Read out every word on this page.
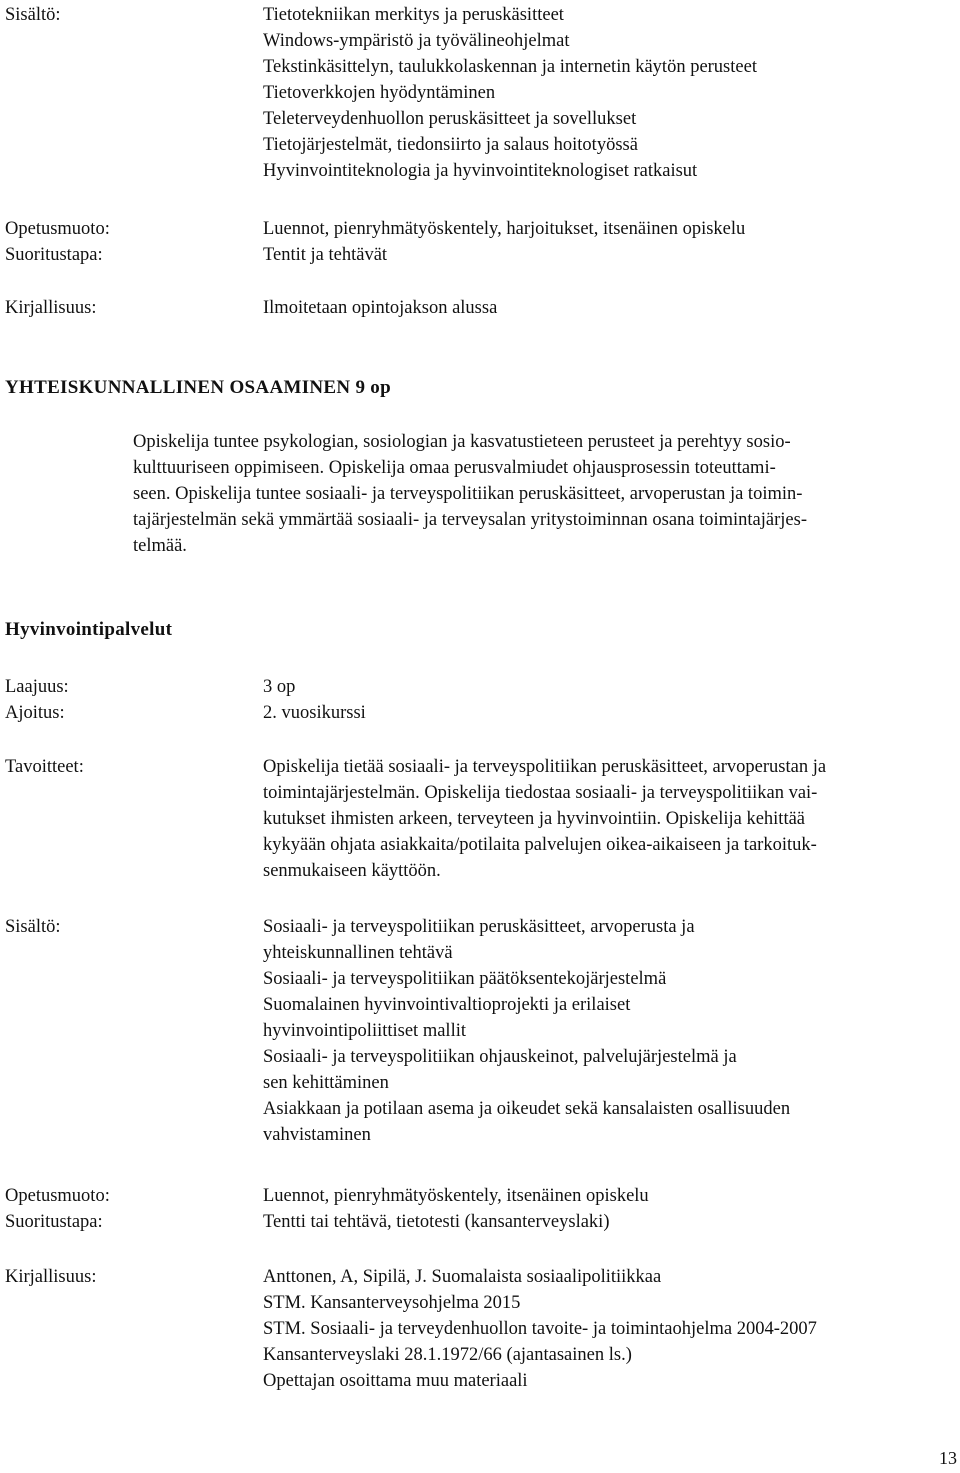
Sisältö:	Tietotekniikan merkitys ja peruskäsitteet
Windows-ympäristö ja työvälineohjelmat
Tekstinkäsittelyn, taulukkolaskennan ja internetin käytön perusteet
Tietoverkkojen hyödyntäminen
Teleterveydenhuollon peruskäsitteet ja sovellukset
Tietojärjestelmät, tiedonsiirto ja salaus hoitotyössä
Hyvinvointiteknologia ja hyvinvointiteknologiset ratkaisut
Opetusmuoto:	Luennot, pienryhmätyöskentely, harjoitukset, itsenäinen opiskelu
Suoritustapa:	Tentit ja tehtävät
Kirjallisuus:	Ilmoitetaan opintojakson alussa
YHTEISKUNNALLINEN OSAAMINEN 9 op
Opiskelija tuntee psykologian, sosiologian ja kasvatustieteen perusteet ja perehtyy sosio-
kulttuuriseen oppimiseen. Opiskelija omaa perusvalmiudet ohjausprosessin toteuttami-
seen. Opiskelija tuntee sosiaali- ja terveyspolitiikan peruskäsitteet, arvoperustan ja toimin-
tajärjestelmän sekä ymmärtää sosiaali- ja terveysalan yritystoiminnan osana toimintajärjes-
telmää.
Hyvinvointipalvelut
Laajuus:	3 op
Ajoitus:	2. vuosikurssi
Tavoitteet:	Opiskelija tietää sosiaali- ja terveyspolitiikan peruskäsitteet, arvoperustan ja
toimintajärjestelmän. Opiskelija tiedostaa sosiaali- ja terveyspolitiikan vai-
kutukset ihmisten arkeen, terveyteen ja hyvinvointiin. Opiskelija kehittää
kykyään ohjata asiakkaita/potilaita palvelujen oikea-aikaiseen ja tarkoituk-
senmukaiseen käyttöön.
Sisältö:	Sosiaali- ja terveyspolitiikan peruskäsitteet, arvoperusta ja
yhteiskunnallinen tehtävä
Sosiaali- ja terveyspolitiikan päätöksentekojärjestelmä
Suomalainen hyvinvointivaltioprojekti ja erilaiset
hyvinvointipoliittiset mallit
Sosiaali- ja terveyspolitiikan ohjauskeinot, palvelujärjestelmä ja
sen kehittäminen
Asiakkaan ja potilaan asema ja oikeudet sekä kansalaisten osallisuuden
vahvistaminen
Opetusmuoto:	Luennot, pienryhmätyöskentely, itsenäinen opiskelu
Suoritustapa:	Tentti tai tehtävä, tietotesti (kansanterveyslaki)
Kirjallisuus:	Anttonen, A, Sipilä, J. Suomalaista sosiaalipolitiikkaa
STM. Kansanterveysohjelma 2015
STM. Sosiaali- ja terveydenhuollon tavoite- ja toimintaohjelma 2004-2007
Kansanterveyslaki 28.1.1972/66 (ajantasainen ls.)
Opettajan osoittama muu materiaali
13
